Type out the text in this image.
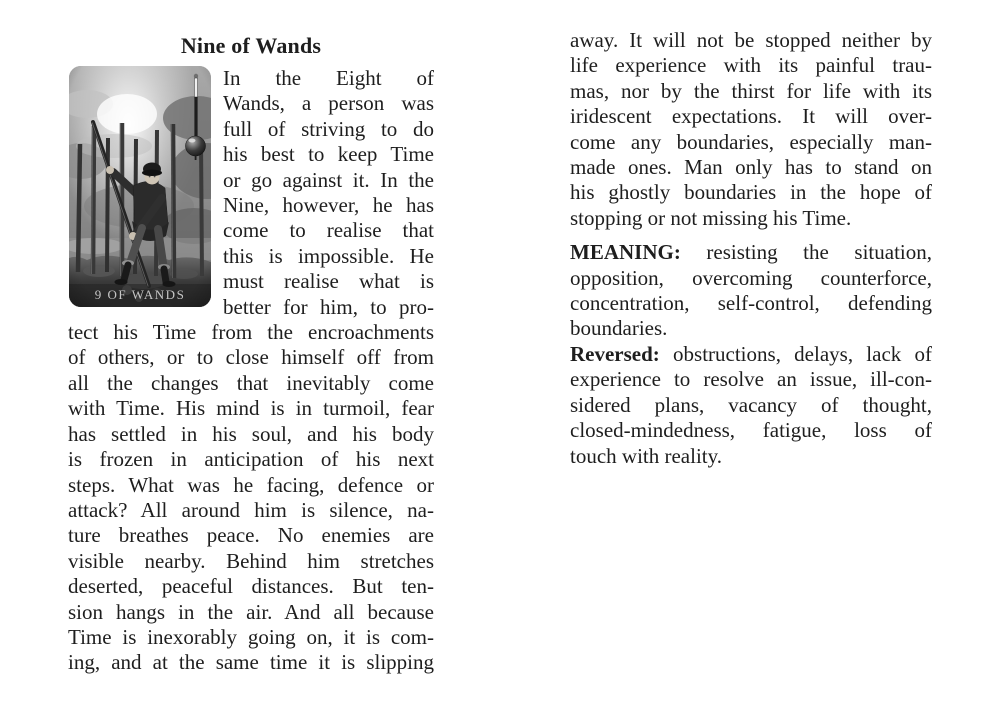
Nine of Wands
9 OF WANDS
In the Eight of
Wands, a person was
full of striving to do
his best to keep Time
or go against it. In the
Nine, however, he has
come to realise that
this is impossible. He
must realise what is
better for him, to pro-
tect his Time from the encroachments
of others, or to close himself off from
all the changes that inevitably come
with Time. His mind is in turmoil, fear
has settled in his soul, and his body
is frozen in anticipation of his next
steps. What was he facing, defence or
attack? All around him is silence, na-
ture breathes peace. No enemies are
visible nearby. Behind him stretches
deserted, peaceful distances. But ten-
sion hangs in the air. And all because
Time is inexorably going on, it is com-
ing, and at the same time it is slipping
away. It will not be stopped neither by
life experience with its painful trau-
mas, nor by the thirst for life with its
iridescent expectations. It will over-
come any boundaries, especially man-
made ones. Man only has to stand on
his ghostly boundaries in the hope of
stopping or not missing his Time.
MEANING: resisting the situation,
opposition, overcoming counterforce,
concentration, self-control, defending
boundaries.
Reversed: obstructions, delays, lack of
experience to resolve an issue, ill-con-
sidered plans, vacancy of thought,
closed-mindedness, fatigue, loss of
touch with reality.
